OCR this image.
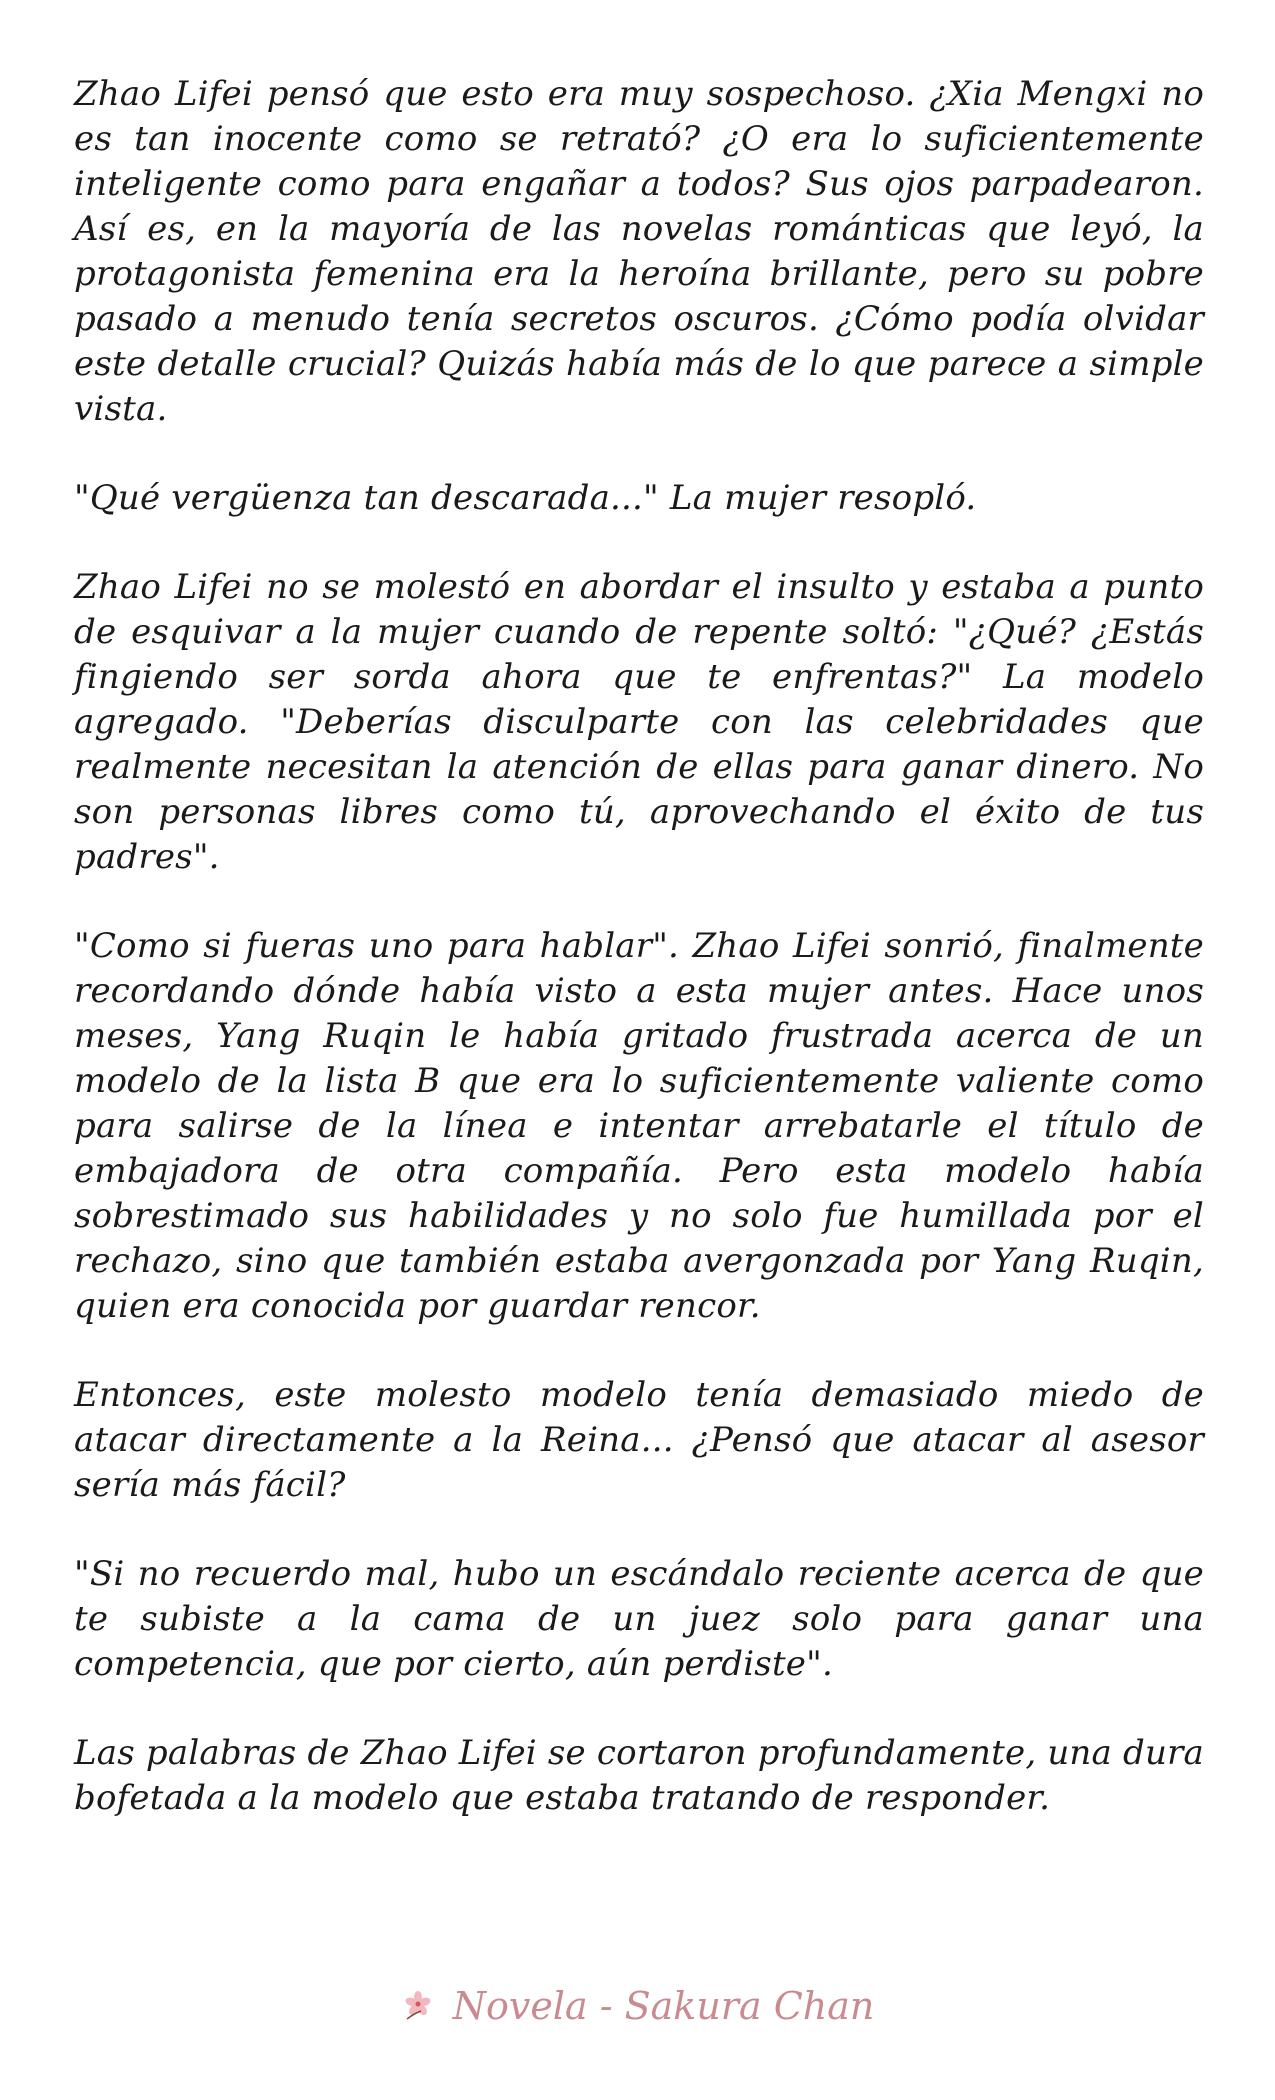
Zhao Lifei pensó que esto era muy sospechoso. ¿Xia Mengxi no es tan inocente como se retrató? ¿O era lo suficientemente inteligente como para engañar a todos? Sus ojos parpadearon. Así es, en la mayoría de las novelas románticas que leyó, la protagonista femenina era la heroína brillante, pero su pobre pasado a menudo tenía secretos oscuros. ¿Cómo podía olvidar este detalle crucial? Quizás había más de lo que parece a simple vista.

"Qué vergüenza tan descarada..." La mujer resopló.

Zhao Lifei no se molestó en abordar el insulto y estaba a punto de esquivar a la mujer cuando de repente soltó: "¿Qué? ¿Estás fingiendo ser sorda ahora que te enfrentas?" La modelo agregado. "Deberías disculparte con las celebridades que realmente necesitan la atención de ellas para ganar dinero. No son personas libres como tú, aprovechando el éxito de tus padres".

"Como si fueras uno para hablar". Zhao Lifei sonrió, finalmente recordando dónde había visto a esta mujer antes. Hace unos meses, Yang Ruqin le había gritado frustrada acerca de un modelo de la lista B que era lo suficientemente valiente como para salirse de la línea e intentar arrebatarle el título de embajadora de otra compañía. Pero esta modelo había sobrestimado sus habilidades y no solo fue humillada por el rechazo, sino que también estaba avergonzada por Yang Ruqin, quien era conocida por guardar rencor.

Entonces, este molesto modelo tenía demasiado miedo de atacar directamente a la Reina... ¿Pensó que atacar al asesor sería más fácil?

"Si no recuerdo mal, hubo un escándalo reciente acerca de que te subiste a la cama de un juez solo para ganar una competencia, que por cierto, aún perdiste".

Las palabras de Zhao Lifei se cortaron profundamente, una dura bofetada a la modelo que estaba tratando de responder.

Novela - Sakura Chan
